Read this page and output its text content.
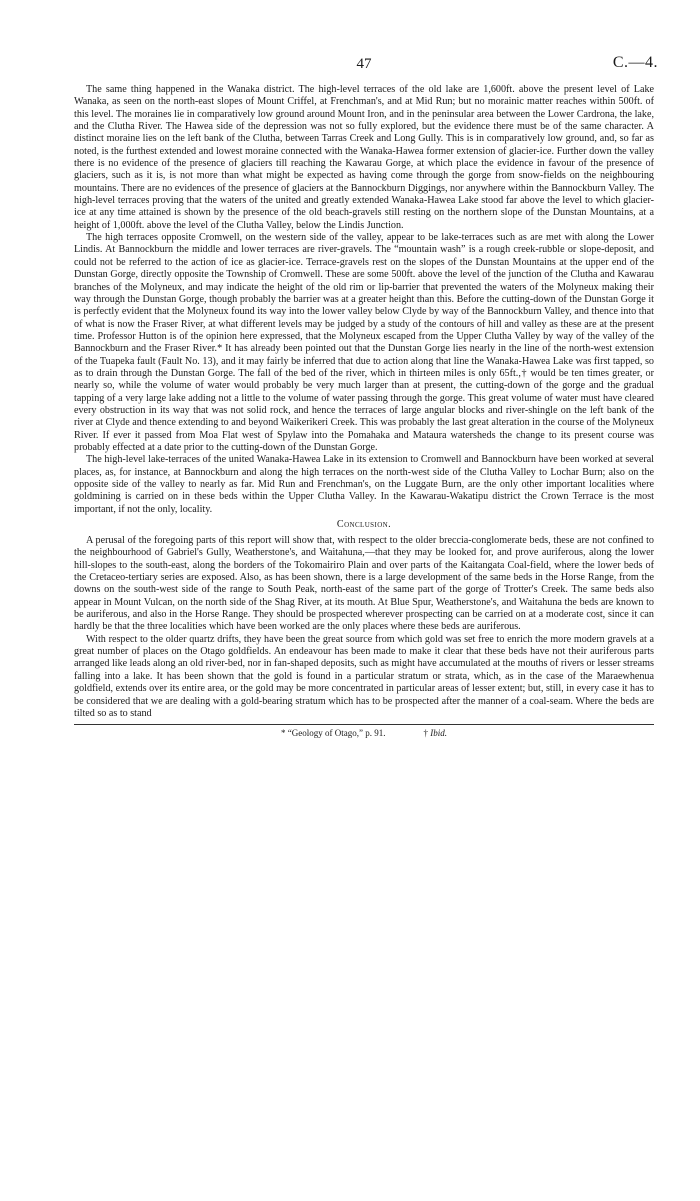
47	C.—4.

The same thing happened in the Wanaka district. The high-level terraces of the old lake are 1,600ft. above the present level of Lake Wanaka, as seen on the north-east slopes of Mount Criffel, at Frenchman's, and at Mid Run; but no morainic matter reaches within 500ft. of this level. The moraines lie in comparatively low ground around Mount Iron, and in the peninsular area between the Lower Cardrona, the lake, and the Clutha River. The Hawea side of the depression was not so fully explored, but the evidence there must be of the same character. A distinct moraine lies on the left bank of the Clutha, between Tarras Creek and Long Gully. This is in comparatively low ground, and, so far as noted, is the furthest extended and lowest moraine connected with the Wanaka-Hawea former extension of glacier-ice. Further down the valley there is no evidence of the presence of glaciers till reaching the Kawarau Gorge, at which place the evidence in favour of the presence of glaciers, such as it is, is not more than what might be expected as having come through the gorge from snow-fields on the neighbouring mountains. There are no evidences of the presence of glaciers at the Bannockburn Diggings, nor anywhere within the Bannockburn Valley. The high-level terraces proving that the waters of the united and greatly extended Wanaka-Hawea Lake stood far above the level to which glacier-ice at any time attained is shown by the presence of the old beach-gravels still resting on the northern slope of the Dunstan Mountains, at a height of 1,000ft. above the level of the Clutha Valley, below the Lindis Junction.

The high terraces opposite Cromwell, on the western side of the valley, appear to be lake-terraces such as are met with along the Lower Lindis. At Bannockburn the middle and lower terraces are river-gravels. The “mountain wash” is a rough creek-rubble or slope-deposit, and could not be referred to the action of ice as glacier-ice. Terrace-gravels rest on the slopes of the Dunstan Mountains at the upper end of the Dunstan Gorge, directly opposite the Township of Cromwell. These are some 500ft. above the level of the junction of the Clutha and Kawarau branches of the Molyneux, and may indicate the height of the old rim or lip-barrier that prevented the waters of the Molyneux making their way through the Dunstan Gorge, though probably the barrier was at a greater height than this. Before the cutting-down of the Dunstan Gorge it is perfectly evident that the Molyneux found its way into the lower valley below Clyde by way of the Bannockburn Valley, and thence into that of what is now the Fraser River, at what different levels may be judged by a study of the contours of hill and valley as these are at the present time. Professor Hutton is of the opinion here expressed, that the Molyneux escaped from the Upper Clutha Valley by way of the valley of the Bannockburn and the Fraser River.* It has already been pointed out that the Dunstan Gorge lies nearly in the line of the north-west extension of the Tuapeka fault (Fault No. 13), and it may fairly be inferred that due to action along that line the Wanaka-Hawea Lake was first tapped, so as to drain through the Dunstan Gorge. The fall of the bed of the river, which in thirteen miles is only 65ft.,† would be ten times greater, or nearly so, while the volume of water would probably be very much larger than at present, the cutting-down of the gorge and the gradual tapping of a very large lake adding not a little to the volume of water passing through the gorge. This great volume of water must have cleared every obstruction in its way that was not solid rock, and hence the terraces of large angular blocks and river-shingle on the left bank of the river at Clyde and thence extending to and beyond Waikerikeri Creek. This was probably the last great alteration in the course of the Molyneux River. If ever it passed from Moa Flat west of Spylaw into the Pomahaka and Mataura watersheds the change to its present course was probably effected at a date prior to the cutting-down of the Dunstan Gorge.

The high-level lake-terraces of the united Wanaka-Hawea Lake in its extension to Cromwell and Bannockburn have been worked at several places, as, for instance, at Bannockburn and along the high terraces on the north-west side of the Clutha Valley to Lochar Burn; also on the opposite side of the valley to nearly as far. Mid Run and Frenchman's, on the Luggate Burn, are the only other important localities where goldmining is carried on in these beds within the Upper Clutha Valley. In the Kawarau-Wakatipu district the Crown Terrace is the most important, if not the only, locality.

Conclusion.

A perusal of the foregoing parts of this report will show that, with respect to the older breccia-conglomerate beds, these are not confined to the neighbourhood of Gabriel's Gully, Weatherstone's, and Waitahuna,—that they may be looked for, and prove auriferous, along the lower hill-slopes to the south-east, along the borders of the Tokomairiro Plain and over parts of the Kaitangata Coal-field, where the lower beds of the Cretaceo-tertiary series are exposed. Also, as has been shown, there is a large development of the same beds in the Horse Range, from the downs on the south-west side of the range to South Peak, north-east of the same part of the gorge of Trotter's Creek. The same beds also appear in Mount Vulcan, on the north side of the Shag River, at its mouth. At Blue Spur, Weatherstone's, and Waitahuna the beds are known to be auriferous, and also in the Horse Range. They should be prospected wherever prospecting can be carried on at a moderate cost, since it can hardly be that the three localities which have been worked are the only places where these beds are auriferous.

With respect to the older quartz drifts, they have been the great source from which gold was set free to enrich the more modern gravels at a great number of places on the Otago goldfields. An endeavour has been made to make it clear that these beds have not their auriferous parts arranged like leads along an old river-bed, nor in fan-shaped deposits, such as might have accumulated at the mouths of rivers or lesser streams falling into a lake. It has been shown that the gold is found in a particular stratum or strata, which, as in the case of the Maraewhenua goldfield, extends over its entire area, or the gold may be more concentrated in particular areas of lesser extent; but, still, in every case it has to be considered that we are dealing with a gold-bearing stratum which has to be prospected after the manner of a coal-seam. Where the beds are tilted so as to stand

* “Geology of Otago,” p. 91.	† Ibid.
